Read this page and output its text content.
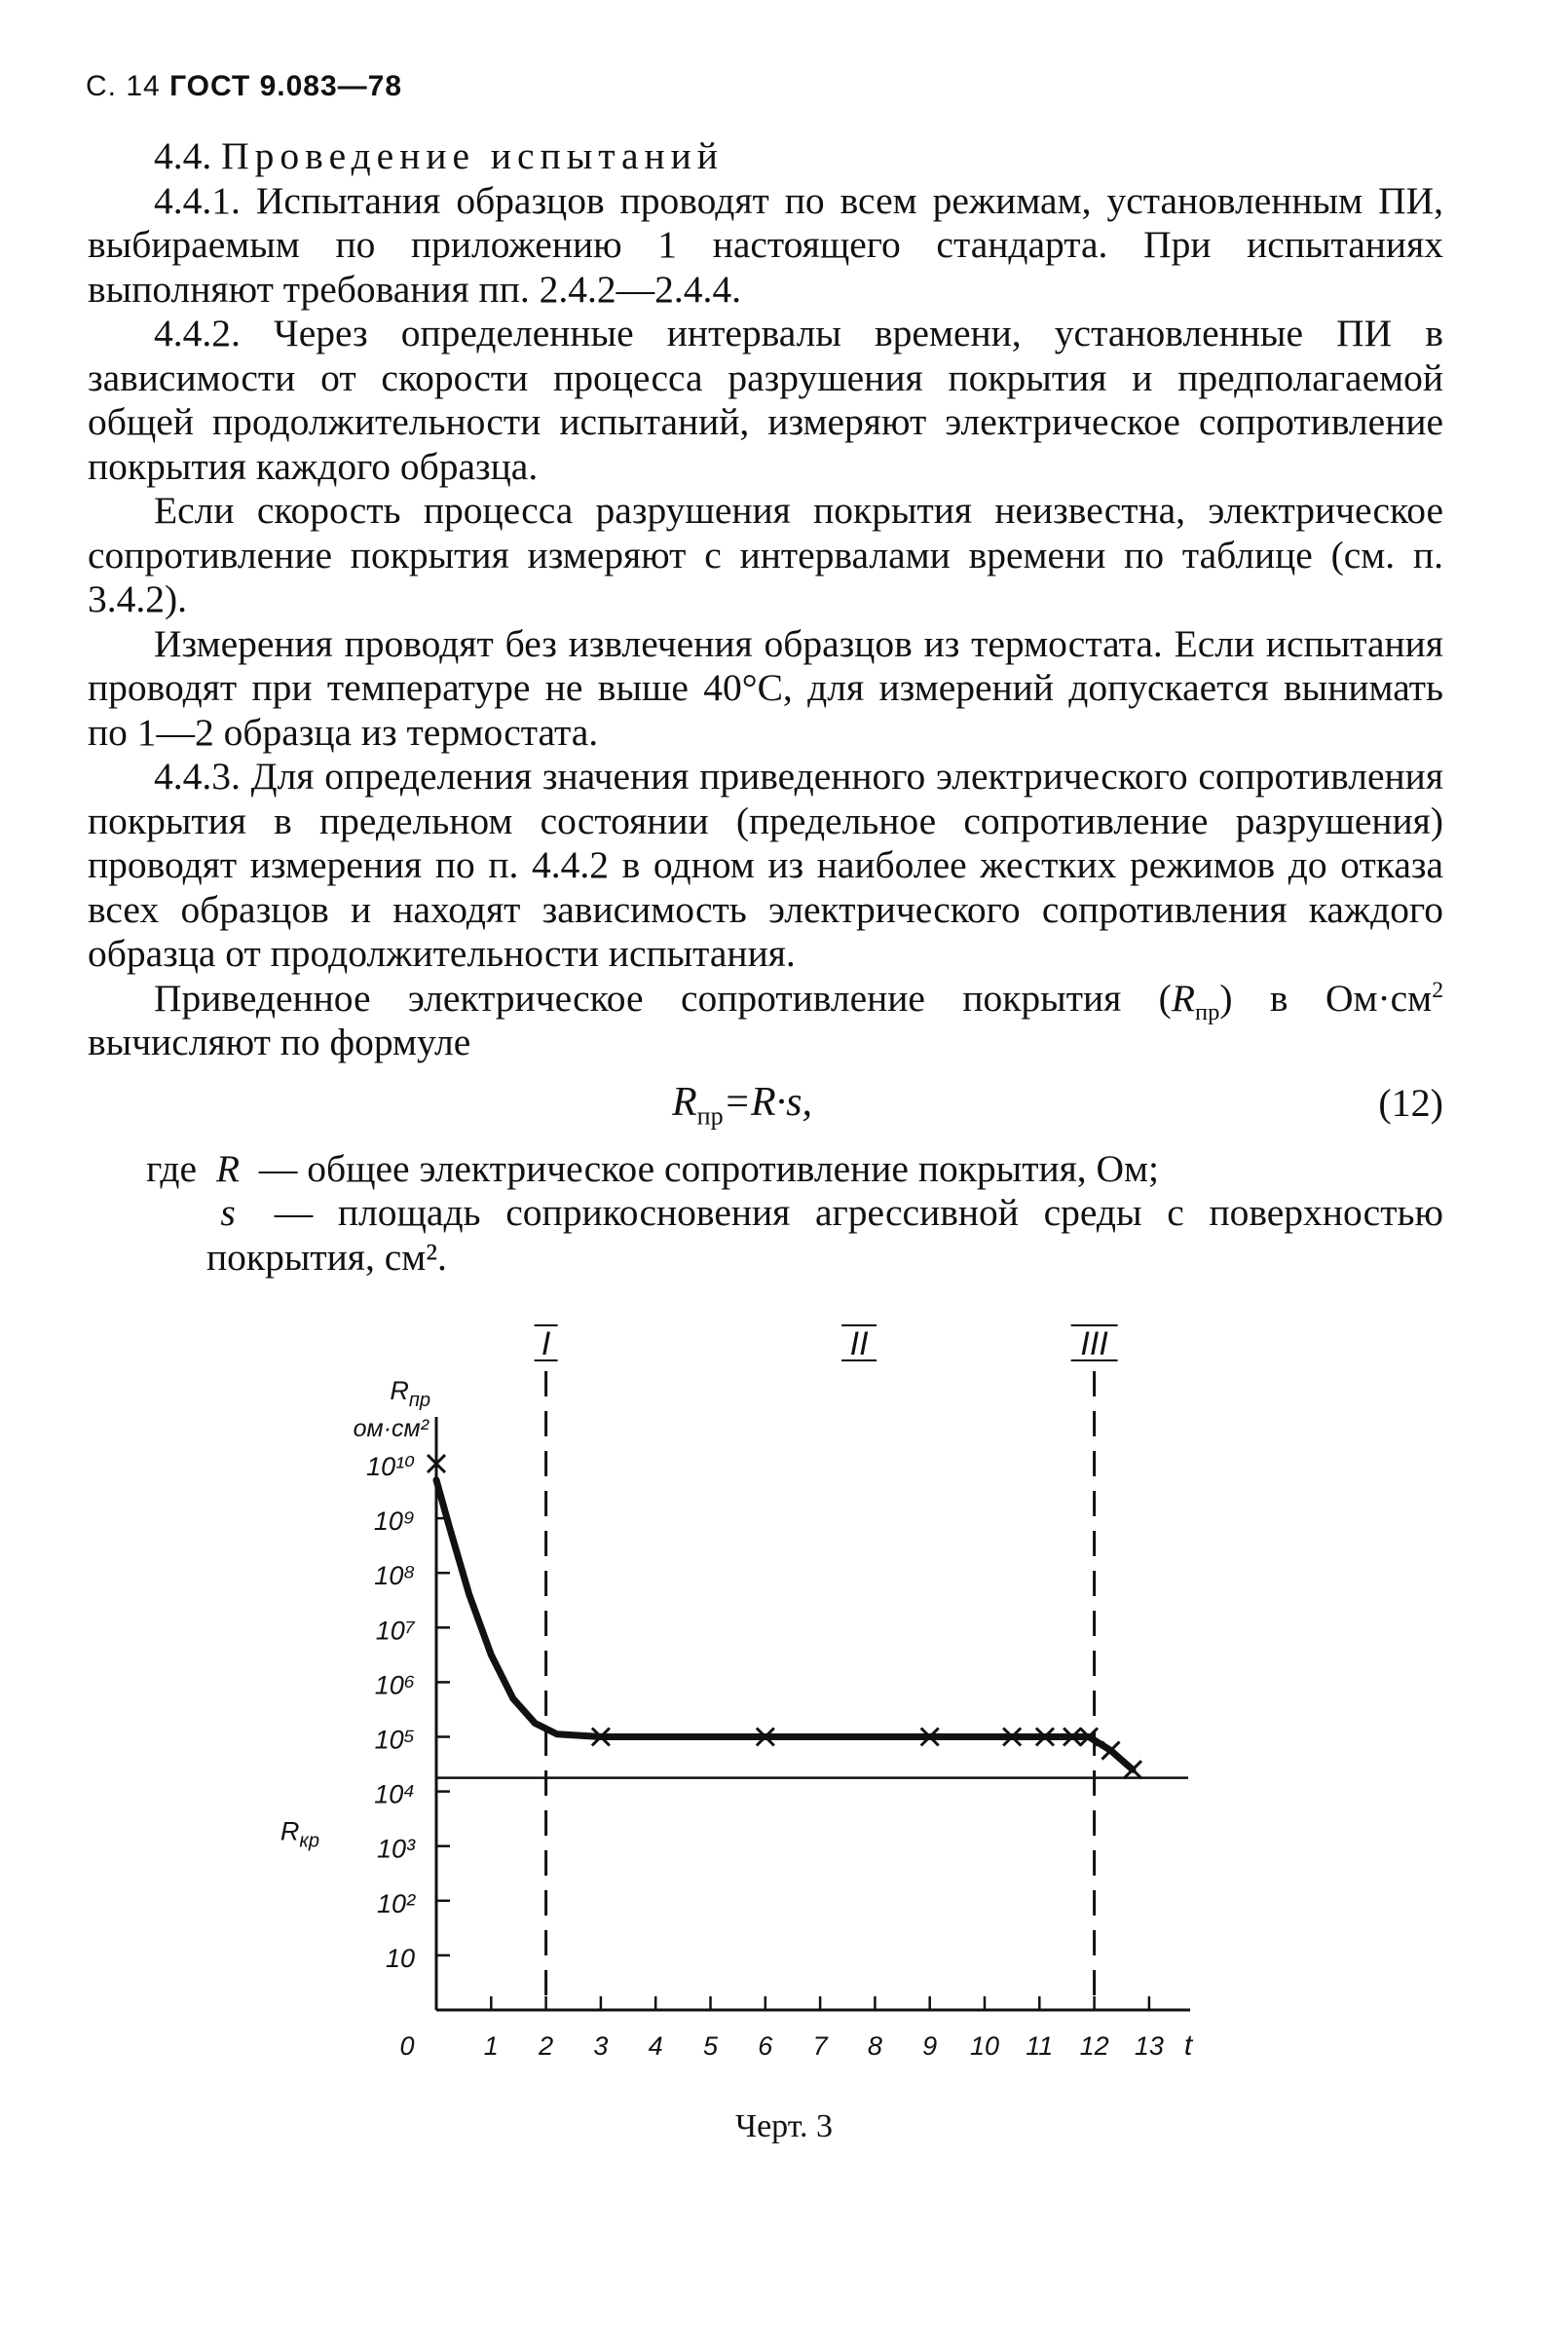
С. 14 ГОСТ 9.083—78

4.4. Проведение испытаний

4.4.1. Испытания образцов проводят по всем режимам, установленным ПИ, выбираемым по приложению 1 настоящего стандарта. При испытаниях выполняют требования пп. 2.4.2—2.4.4.

4.4.2. Через определенные интервалы времени, установленные ПИ в зависимости от скорости процесса разрушения покрытия и предполагаемой общей продолжительности испытаний, измеряют электрическое сопротивление покрытия каждого образца.

Если скорость процесса разрушения покрытия неизвестна, электрическое сопротивление покрытия измеряют с интервалами времени по таблице (см. п. 3.4.2).

Измерения проводят без извлечения образцов из термостата. Если испытания проводят при температуре не выше 40°С, для измерений допускается вынимать по 1—2 образца из термостата.

4.4.3. Для определения значения приведенного электрического сопротивления покрытия в предельном состоянии (предельное сопротивление разрушения) проводят измерения по п. 4.4.2 в одном из наиболее жестких режимов до отказа всех образцов и находят зависимость электрического сопротивления каждого образца от продолжительности испытания.

Приведенное электрическое сопротивление покрытия $(R_{пр})$ в $Ом\cdot см^2$ вычисляют по формуле

$R_{пр}=R\cdot s$,	(12)
где R — общее электрическое сопротивление покрытия, Ом;
s — площадь соприкосновения агрессивной среды с поверхностью покрытия, см².
0	1 2 3 4 5 6 7 8 9 10 11 12 13 t
10¹⁰
10⁹
10⁸
10⁷
10⁶
10⁵
10⁴
10³
10²
10
$R_{пр}$
ом·см²
$R_{кр}$
I	II	III
Черт. 3
